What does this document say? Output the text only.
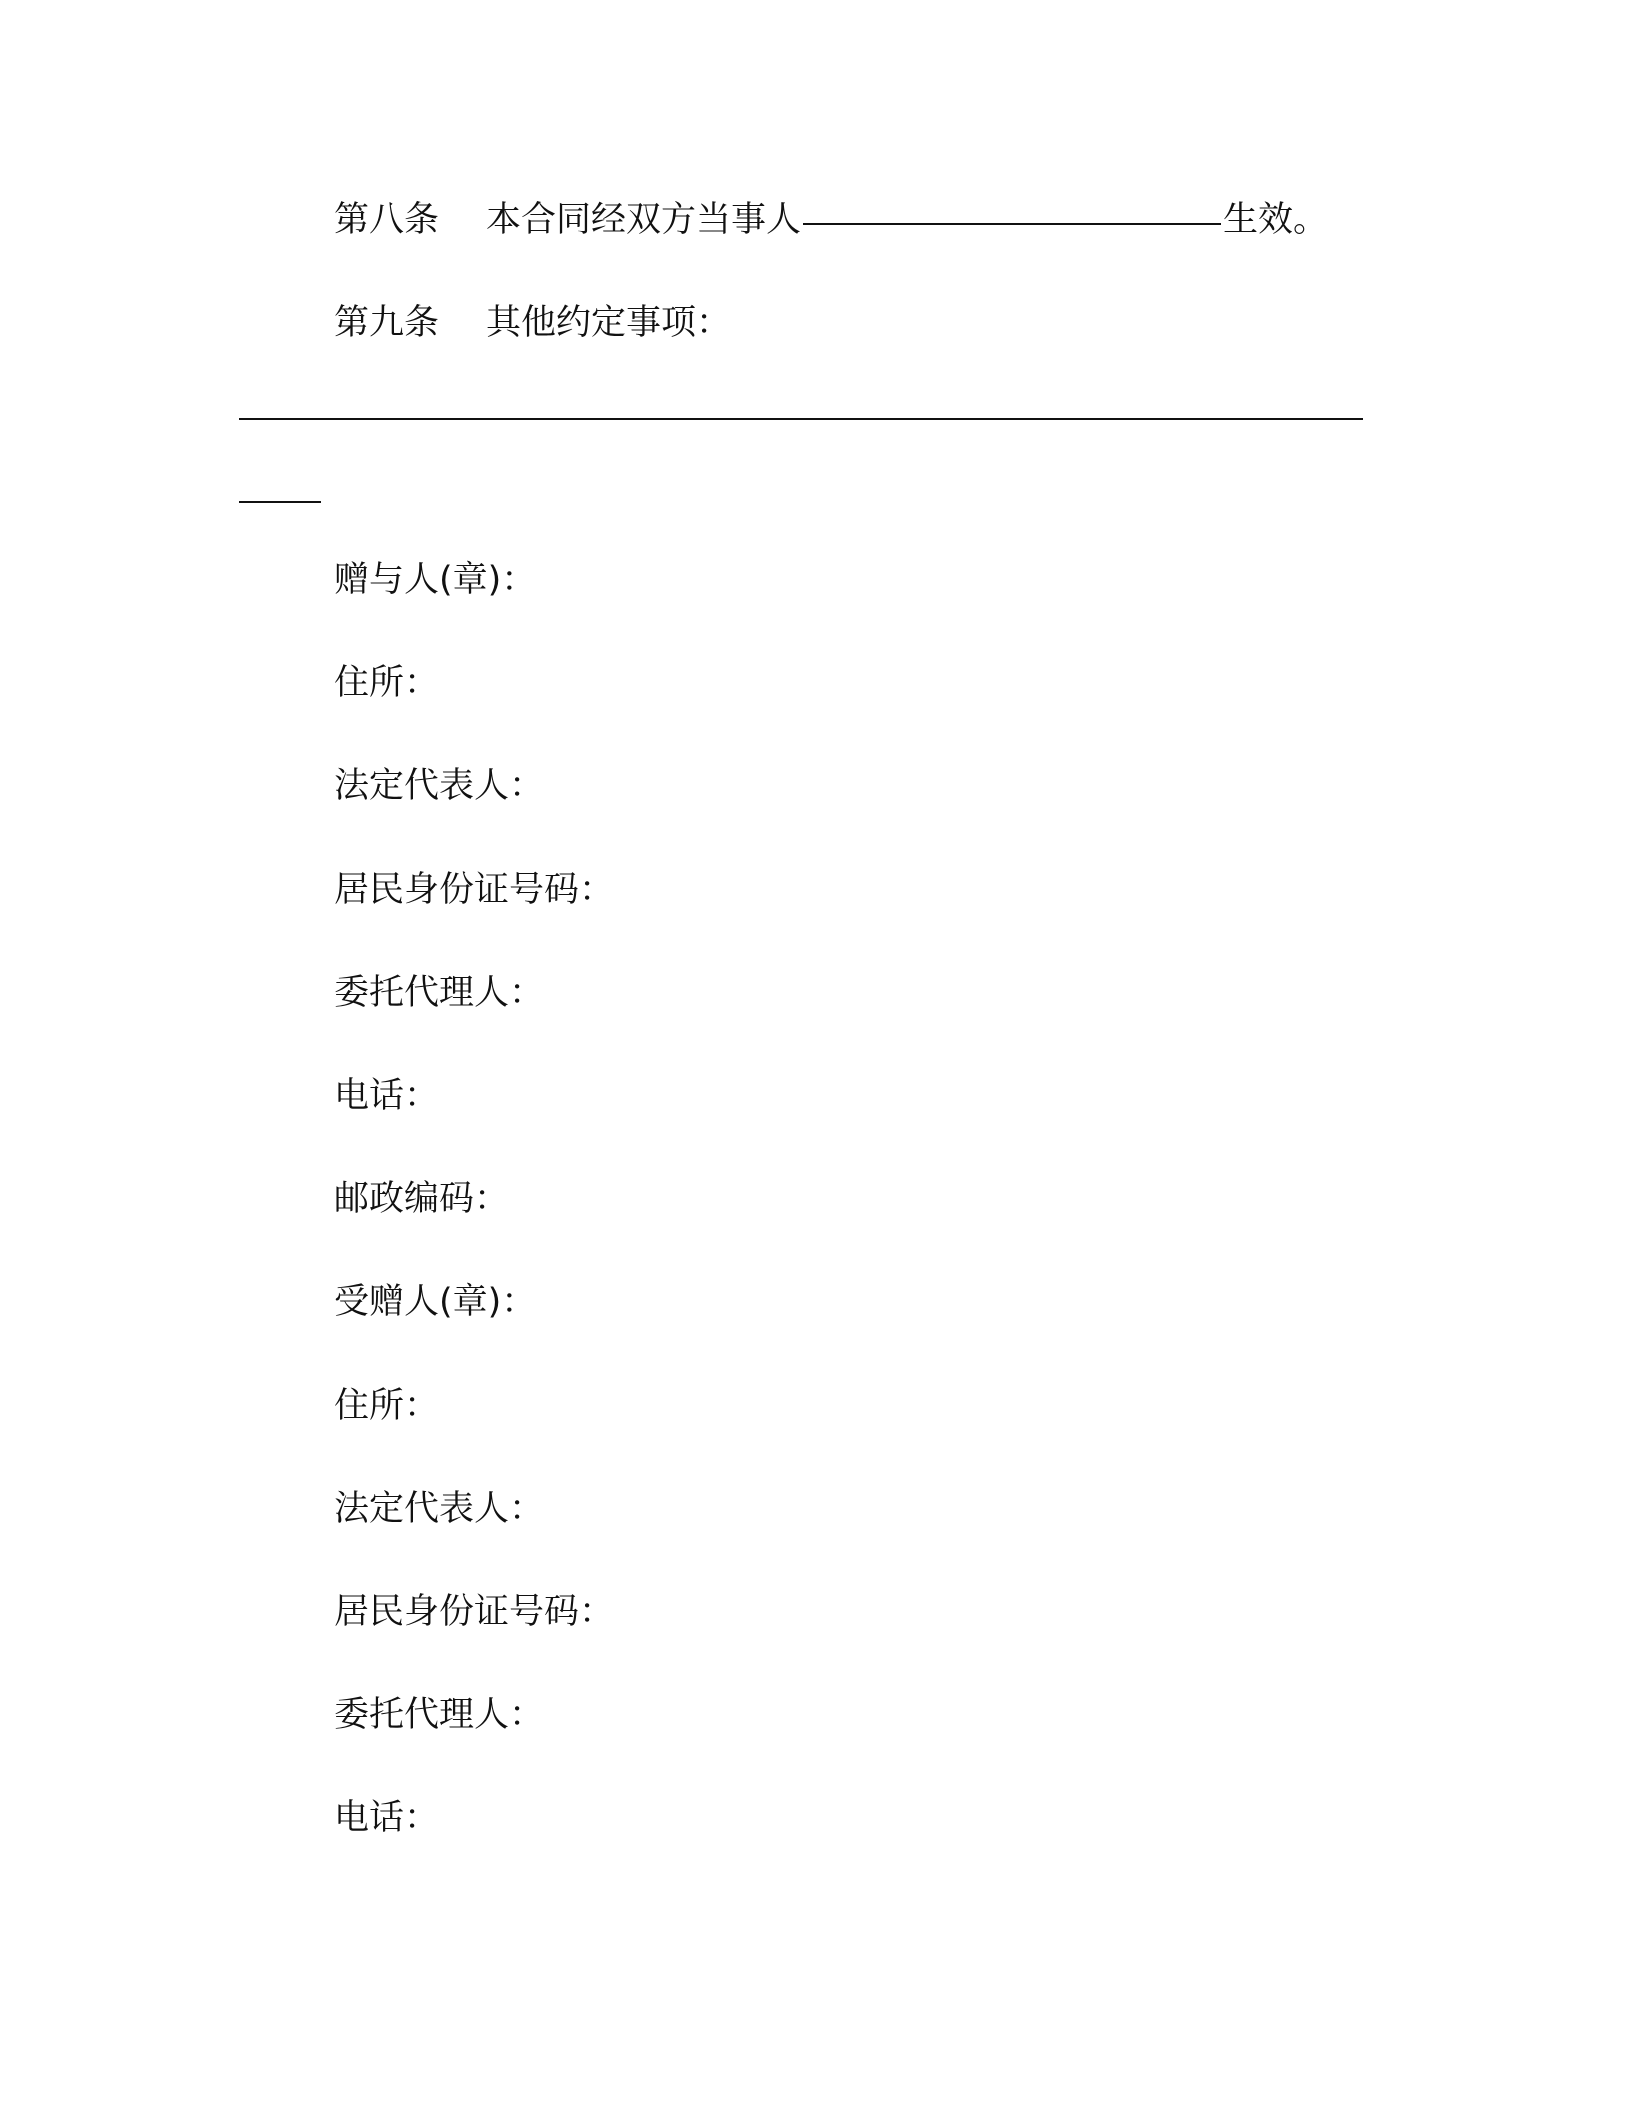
第八条 本合同经双方当事人	生效。
第九条 其他约定事项：
赠与人(章)：
住所：
法定代表人：
居民身份证号码：
委托代理人：
电话：
邮政编码：
受赠人(章)：
住所：
法定代表人：
居民身份证号码：
委托代理人：
电话：
